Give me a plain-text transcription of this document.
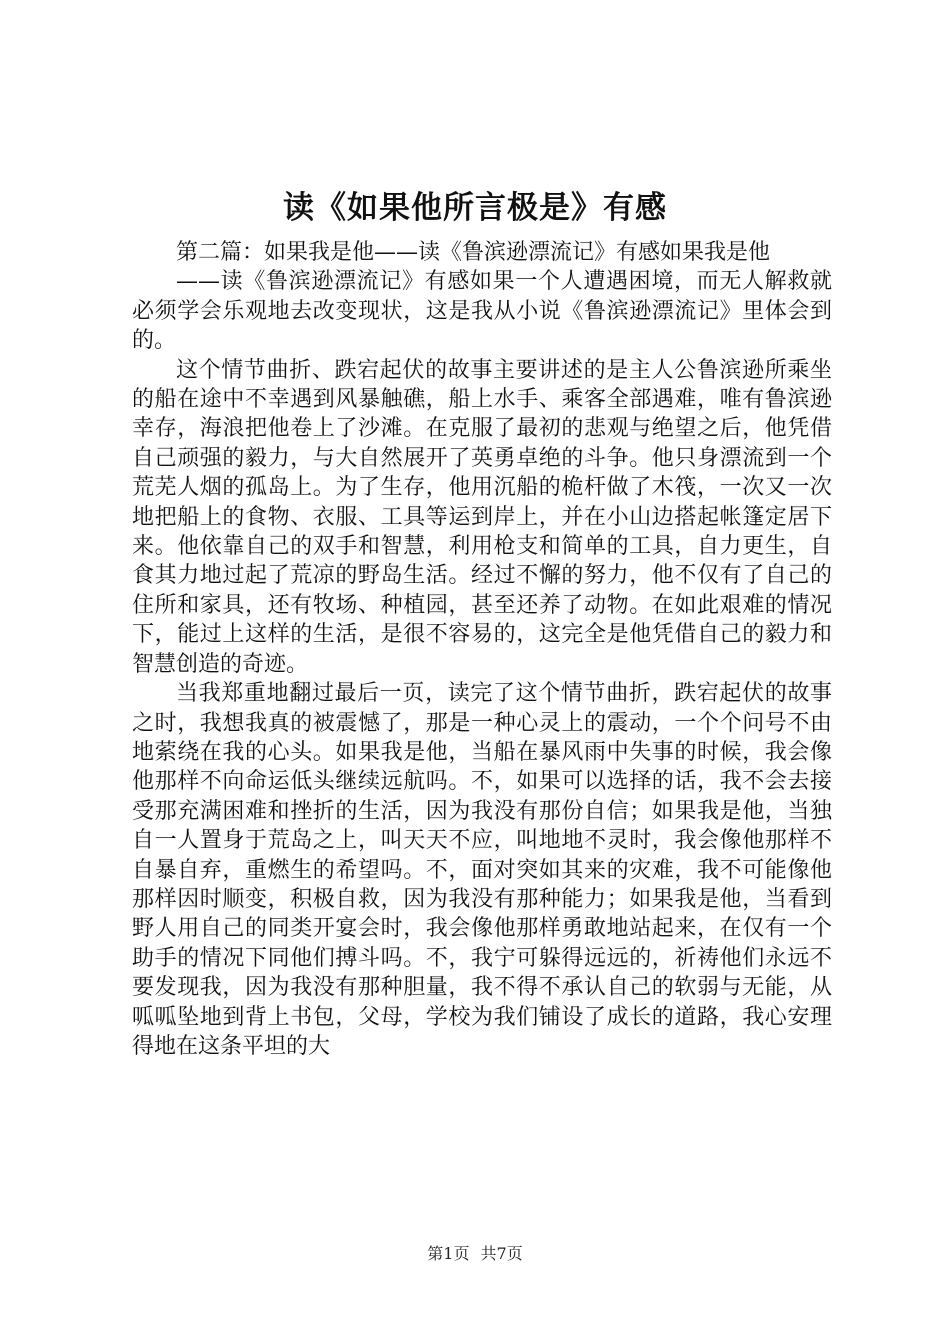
读《如果他所言极是》有感

第二篇：如果我是他——读《鲁滨逊漂流记》有感如果我是他

——读《鲁滨逊漂流记》有感如果一个人遭遇困境，而无人解救就必须学会乐观地去改变现状，这是我从小说《鲁滨逊漂流记》里体会到的。

这个情节曲折、跌宕起伏的故事主要讲述的是主人公鲁滨逊所乘坐的船在途中不幸遇到风暴触礁，船上水手、乘客全部遇难，唯有鲁滨逊幸存，海浪把他卷上了沙滩。在克服了最初的悲观与绝望之后，他凭借自己顽强的毅力，与大自然展开了英勇卓绝的斗争。他只身漂流到一个荒芜人烟的孤岛上。为了生存，他用沉船的桅杆做了木筏，一次又一次地把船上的食物、衣服、工具等运到岸上，并在小山边搭起帐篷定居下来。他依靠自己的双手和智慧，利用枪支和简单的工具，自力更生，自食其力地过起了荒凉的野岛生活。经过不懈的努力，他不仅有了自己的住所和家具，还有牧场、种植园，甚至还养了动物。在如此艰难的情况下，能过上这样的生活，是很不容易的，这完全是他凭借自己的毅力和智慧创造的奇迹。

当我郑重地翻过最后一页，读完了这个情节曲折，跌宕起伏的故事之时，我想我真的被震憾了，那是一种心灵上的震动，一个个问号不由地萦绕在我的心头。如果我是他，当船在暴风雨中失事的时候，我会像他那样不向命运低头继续远航吗。不，如果可以选择的话，我不会去接受那充满困难和挫折的生活，因为我没有那份自信；如果我是他，当独自一人置身于荒岛之上，叫天天不应，叫地地不灵时，我会像他那样不自暴自弃，重燃生的希望吗。不，面对突如其来的灾难，我不可能像他那样因时顺变，积极自救，因为我没有那种能力；如果我是他，当看到野人用自己的同类开宴会时，我会像他那样勇敢地站起来，在仅有一个助手的情况下同他们搏斗吗。不，我宁可躲得远远的，祈祷他们永远不要发现我，因为我没有那种胆量，我不得不承认自己的软弱与无能，从呱呱坠地到背上书包，父母，学校为我们铺设了成长的道路，我心安理得地在这条平坦的大

第1页 共7页
